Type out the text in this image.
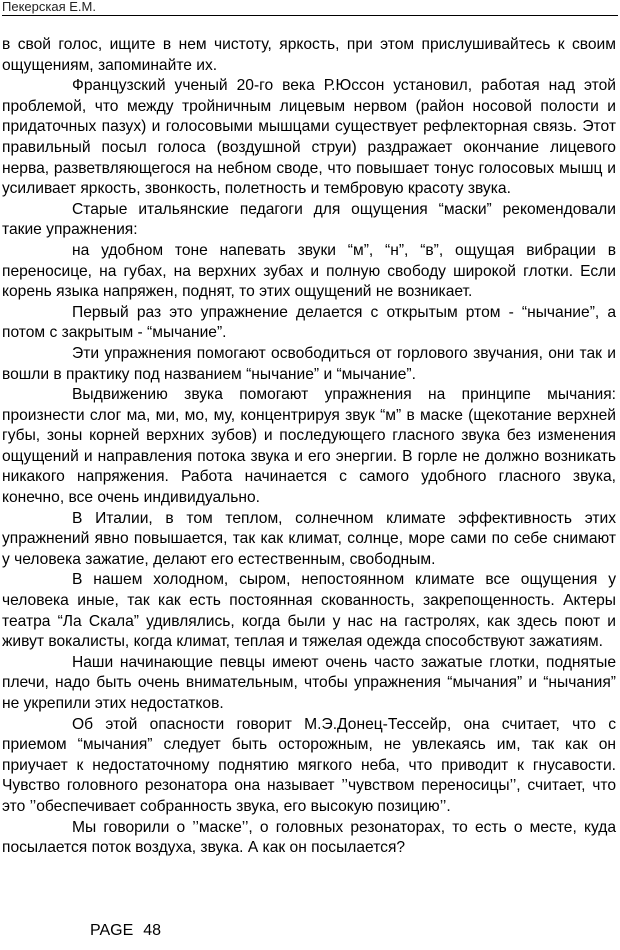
Пекерская Е.М.

в свой голос, ищите в нем чистоту, яркость, при этом прислушивайтесь к своим ощущениям, запоминайте их.

Французский ученый 20-го века Р.Юссон установил, работая над этой проблемой, что между тройничным лицевым нервом (район носовой полости и придаточных пазух) и голосовыми мышцами существует рефлекторная связь. Этот правильный посыл голоса (воздушной струи) раздражает окончание лицевого нерва, разветвляющегося на небном своде, что повышает тонус голосовых мышц и усиливает яркость, звонкость, полетность и тембровую красоту звука.

Старые итальянские педагоги для ощущения “маски” рекомендовали такие упражнения:

на удобном тоне напевать звуки “м”, “н”, “в”, ощущая вибрации в переносице, на губах, на верхних зубах и полную свободу широкой глотки. Если корень языка напряжен, поднят, то этих ощущений не возникает.

Первый раз это упражнение делается с открытым ртом - “нычание”, а потом с закрытым - “мычание”.

Эти упражнения помогают освободиться от горлового звучания, они так и вошли в практику под названием “нычание” и “мычание”.

Выдвижению звука помогают упражнения на принципе мычания: произнести слог ма, ми, мо, му, концентрируя звук “м” в маске (щекотание верхней губы, зоны корней верхних зубов) и последующего гласного звука без изменения ощущений и направления потока звука и его энергии. В горле не должно возникать никакого напряжения. Работа начинается с самого удобного гласного звука, конечно, все очень индивидуально.

В Италии, в том теплом, солнечном климате эффективность этих упражнений явно повышается, так как климат, солнце, море сами по себе снимают у человека зажатие, делают его естественным, свободным.

В нашем холодном, сыром, непостоянном климате все ощущения у человека иные, так как есть постоянная скованность, закрепощенность. Актеры театра “Ла Скала” удивлялись, когда были у нас на гастролях, как здесь поют и живут вокалисты, когда климат, теплая и тяжелая одежда способствуют зажатиям.

Наши начинающие певцы имеют очень часто зажатые глотки, поднятые плечи, надо быть очень внимательным, чтобы упражнения “мычания” и “нычания” не укрепили этих недостатков.

Об этой опасности говорит М.Э.Донец-Тессейр, она считает, что с приемом “мычания” следует быть осторожным, не увлекаясь им, так как он приучает к недостаточному поднятию мягкого неба, что приводит к гнусавости. Чувство головного резонатора она называет ’’чувством переносицы’’, считает, что это ’’обеспечивает собранность звука, его высокую позицию’’.

Мы говорили о ’’маске’’, о головных резонаторах, то есть о месте, куда посылается поток воздуха, звука. А как он посылается?

PAGE 48
